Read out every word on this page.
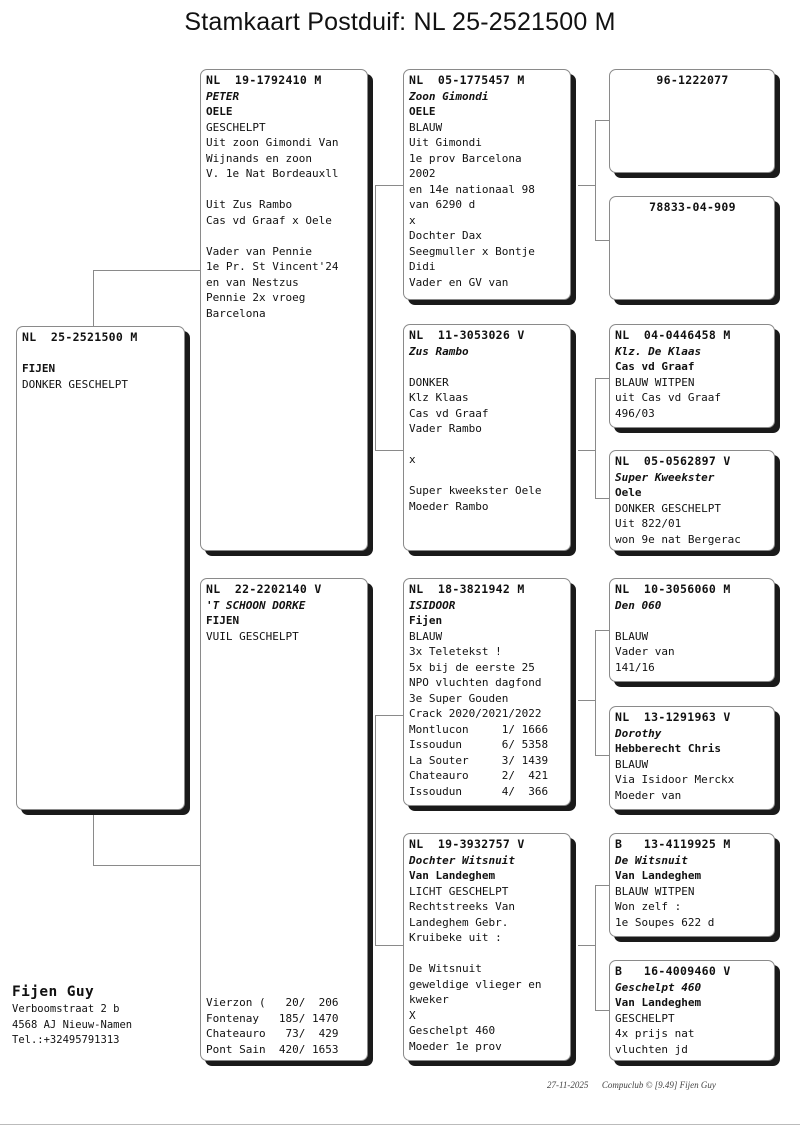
Stamkaart Postduif: NL 25-2521500 M
NL  25-2521500 M
FIJEN
DONKER GESCHELPT
NL  19-1792410 M
PETER
OELE
GESCHELPT
Uit zoon Gimondi Van
Wijnands en zoon
V. 1e Nat Bordeauxll
Uit Zus Rambo
Cas vd Graaf x Oele
Vader van Pennie
1e Pr. St Vincent'24
en van Nestzus
Pennie 2x vroeg
Barcelona
NL  22-2202140 V
'T SCHOON DORKE
FIJEN
VUIL GESCHELPT
Vierzon (   20/  206
Fontenay   185/ 1470
Chateauro   73/  429
Pont Sain  420/ 1653
NL  05-1775457 M
Zoon Gimondi
OELE
BLAUW
Uit Gimondi
1e prov Barcelona
2002
en 14e nationaal 98
van 6290 d
x
Dochter Dax
Seegmuller x Bontje
Didi
Vader en GV van
NL  11-3053026 V
Zus Rambo
DONKER
Klz Klaas
Cas vd Graaf
Vader Rambo
x
Super kweekster Oele
Moeder Rambo
NL  18-3821942 M
ISIDOOR
Fijen
BLAUW
3x Teletekst !
5x bij de eerste 25
NPO vluchten dagfond
3e Super Gouden
Crack 2020/2021/2022
Montlucon     1/ 1666
Issoudun      6/ 5358
La Souter     3/ 1439
Chateauro     2/  421
Issoudun      4/  366
NL  19-3932757 V
Dochter Witsnuit
Van Landeghem
LICHT GESCHELPT
Rechtstreeks Van
Landeghem Gebr.
Kruibeke uit :
De Witsnuit
geweldige vlieger en
kweker
X
Geschelpt 460
Moeder 1e prov
96-1222077
78833-04-909
NL  04-0446458 M
Klz. De Klaas
Cas vd Graaf
BLAUW WITPEN
uit Cas vd Graaf
496/03
NL  05-0562897 V
Super Kweekster
Oele
DONKER GESCHELPT
Uit 822/01
won 9e nat Bergerac
NL  10-3056060 M
Den 060
BLAUW
Vader van
141/16
NL  13-1291963 V
Dorothy
Hebberecht Chris
BLAUW
Via Isidoor Merckx
Moeder van
B   13-4119925 M
De Witsnuit
Van Landeghem
BLAUW WITPEN
Won zelf :
1e Soupes 622 d
B   16-4009460 V
Geschelpt 460
Van Landeghem
GESCHELPT
4x prijs nat
vluchten jd
Fijen Guy
Verboomstraat 2 b
4568 AJ Nieuw-Namen
Tel.:+32495791313
27-11-2025 Compuclub © [9.49] Fijen Guy
